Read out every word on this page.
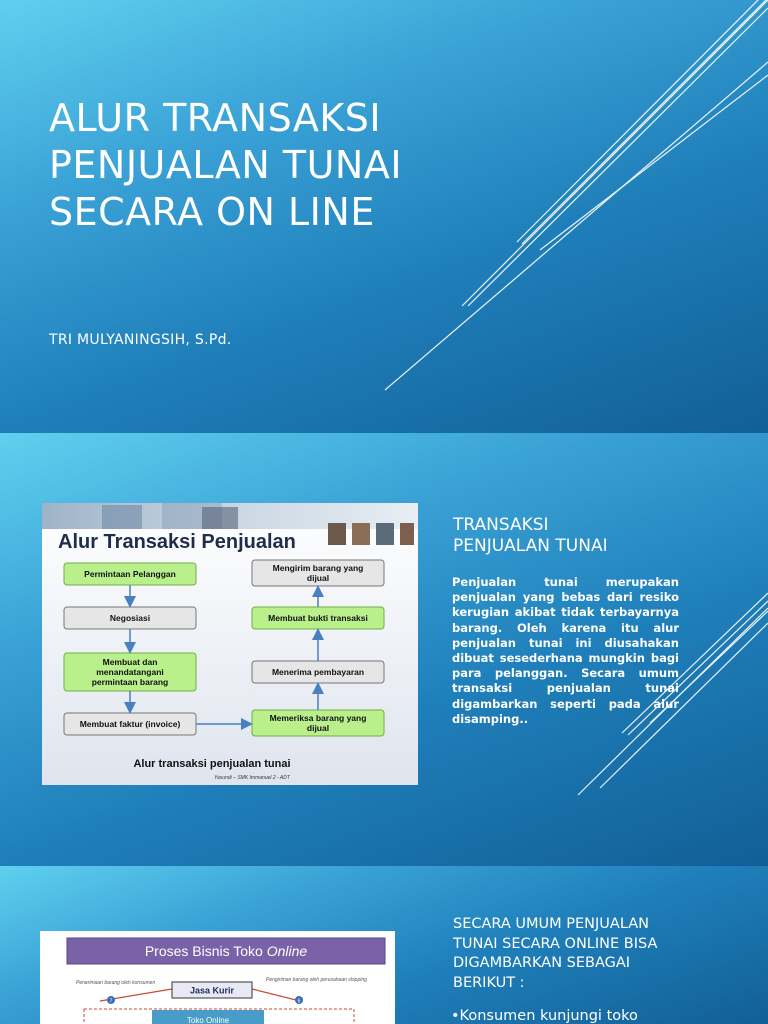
ALUR TRANSAKSI
PENJUALAN TUNAI
SECARA ON LINE
TRI MULYANINGSIH, S.Pd.
Alur Transaksi Penjualan
Permintaan Pelanggan
Negosiasi
Membuat dan
menandatangani
permintaan barang
Membuat faktur (invoice)
Mengirim barang yang
dijual
Membuat bukti transaksi
Menerima pembayaran
Memeriksa barang yang
dijual
Alur transaksi penjualan tunai
Yasundi – SMK Immanuel 2 - ADT
TRANSAKSI
PENJUALAN TUNAI

Penjualan tunai merupakan penjualan yang bebas dari resiko kerugian akibat tidak terbayarnya barang. Oleh karena itu alur penjualan tunai ini diusahakan dibuat sesederhana mungkin bagi para pelanggan. Secara umum transaksi penjualan tunai digambarkan seperti pada alur disamping..

Proses Bisnis Toko Online
Penerimaan barang oleh konsumen	Pengiriman barang oleh perusahaan shipping
7	6
Jasa Kurir
Toko Online
SECARA UMUM PENJUALAN TUNAI SECARA ONLINE BISA DIGAMBARKAN SEBAGAI BERIKUT :

•Konsumen kunjungi toko
